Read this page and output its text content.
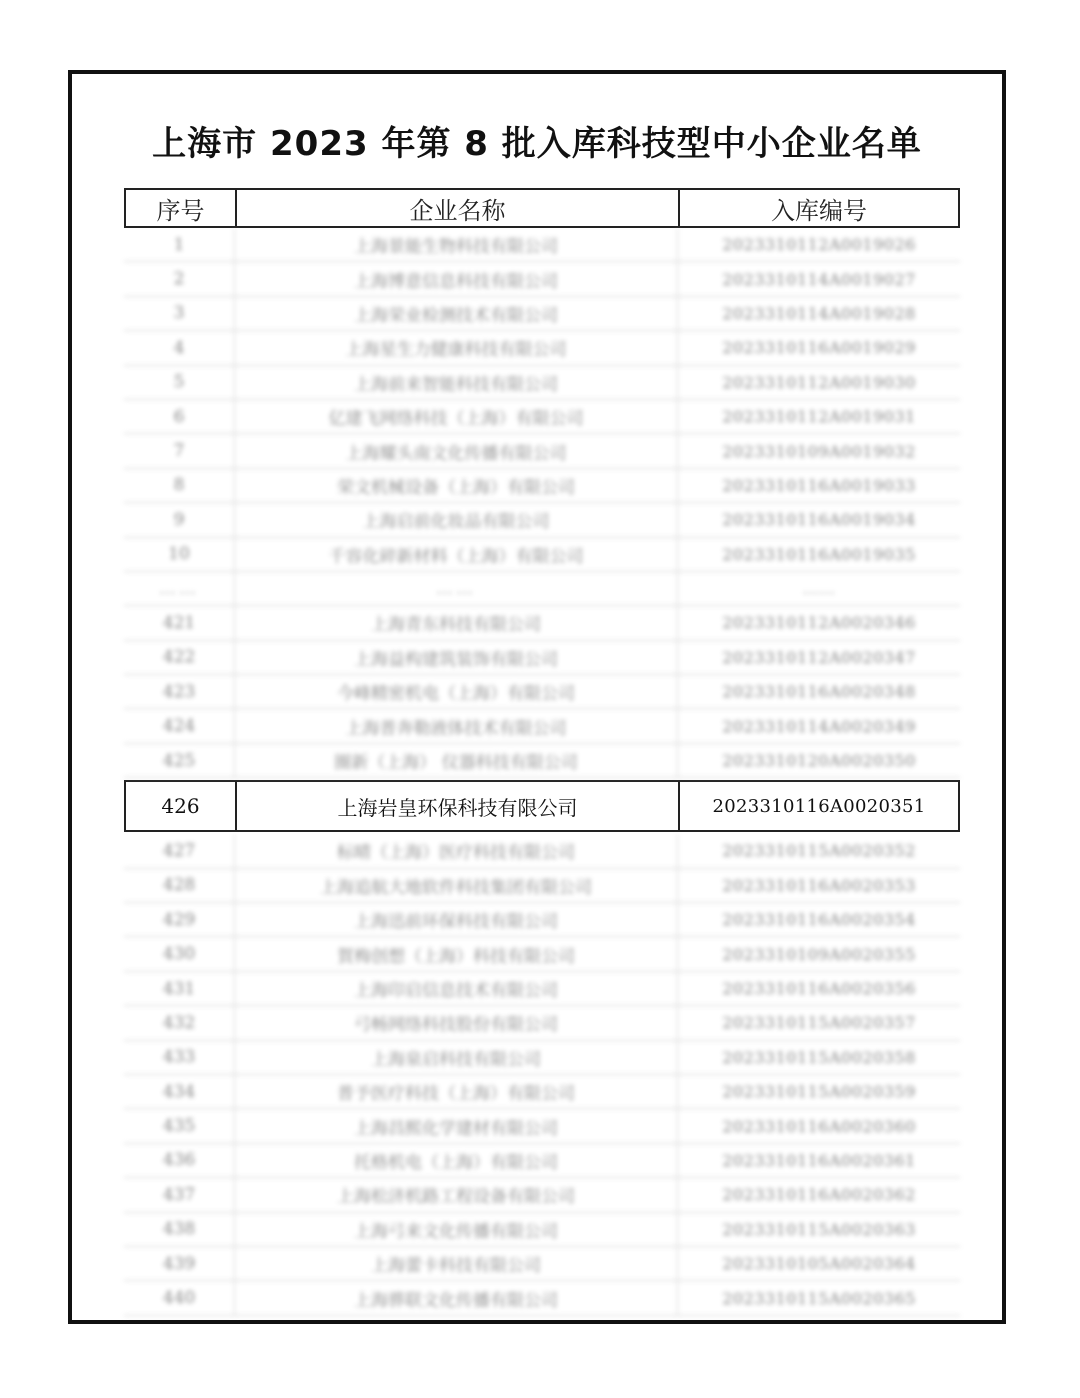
上海市 2023 年第 8 批入库科技型中小企业名单
序号	企业名称	入库编号
1	上海景能生物科技有限公司	2023310112A0019026
2	上海博意信息科技有限公司	2023310114A0019027
3	上海荣业检测技术有限公司	2023310114A0019028
4	上海星生力健康科技有限公司	2023310116A0019029
5	上海前来智能科技有限公司	2023310112A0019030
6	亿建飞网络科技（上海）有限公司	2023310112A0019031
7	上海耀头南文化传播有限公司	2023310109A0019032
8	荣文机械设备（上海）有限公司	2023310116A0019033
9	上海启前化妆品有限公司	2023310116A0019034
10	千容化碎新材料（上海）有限公司	2023310116A0019035
……	……	……
421	上海青东科技有限公司	2023310112A0020346
422	上海益构建筑装饰有限公司	2023310112A0020347
423	今峰精密机电（上海）有限公司	2023310116A0020348
424	上海普奔勒液体技术有限公司	2023310114A0020349
425	圈新（上海） 仪器科技有限公司	2023310120A0020350
426	上海岩皇环保科技有限公司	2023310116A0020351
427	标晴（上海）医疗科技有限公司	2023310115A0020352
428	上海追航大地软件科技集团有限公司	2023310116A0020353
429	上海迅前环保科技有限公司	2023310116A0020354
430	賀梅创想（上海）科技有限公司	2023310109A0020355
431	上海印启信息技术有限公司	2023310116A0020356
432	弓畅网络科技股份有限公司	2023310115A0020357
433	上海泉启科技有限公司	2023310115A0020358
434	普予医疗科技（上海）有限公司	2023310115A0020359
435	上海昌熙化学建材有限公司	2023310116A0020360
436	托格机电（上海）有限公司	2023310116A0020361
437	上海松济机路工程设备有限公司	2023310116A0020362
438	上海弓来文化传播有限公司	2023310115A0020363
439	上海蕾卡科技有限公司	2023310105A0020364
440	上海骅联文化传播有限公司	2023310115A0020365
